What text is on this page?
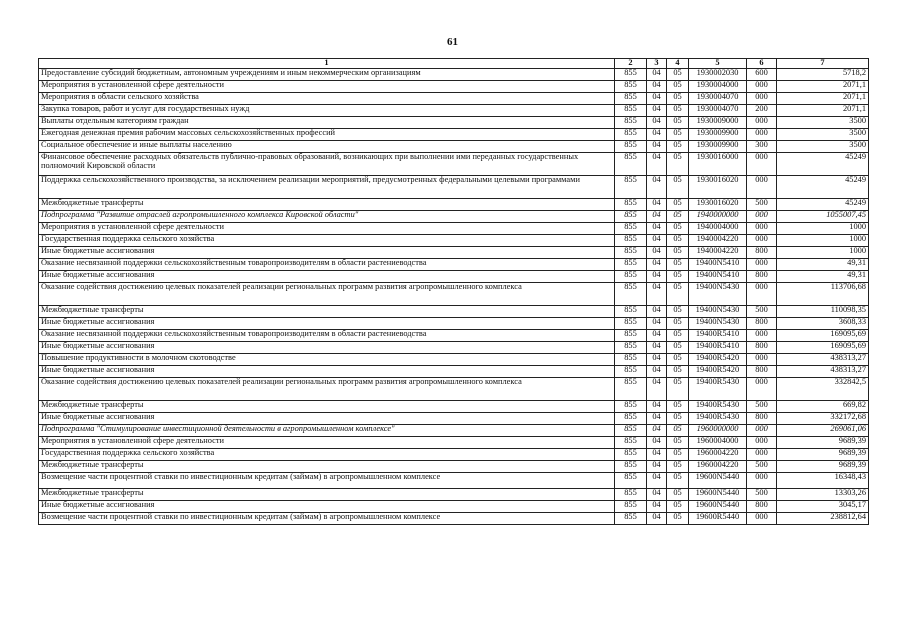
61
1	2	3	4	5	6	7
Предоставление субсидий бюджетным, автономным учреждениям и иным некоммерческим организациям	855	04	05	1930002030	600	5718,2
Мероприятия в установленной сфере деятельности	855	04	05	1930004000	000	2071,1
Мероприятия в области сельского хозяйства	855	04	05	1930004070	000	2071,1
Закупка товаров, работ и услуг для государственных нужд	855	04	05	1930004070	200	2071,1
Выплаты отдельным категориям граждан	855	04	05	1930009000	000	3500
Ежегодная денежная премия рабочим массовых сельскохозяйственных профессий	855	04	05	1930009900	000	3500
Социальное обеспечение и иные выплаты населению	855	04	05	1930009900	300	3500
Финансовое обеспечение расходных обязательств публично-правовых образований, возникающих при выполнении ими переданных государственных полномочий Кировской области	855	04	05	1930016000	000	45249
Поддержка сельскохозяйственного производства, за исключением реализации мероприятий, предусмотренных федеральными целевыми программами	855	04	05	1930016020	000	45249
Межбюджетные трансферты	855	04	05	1930016020	500	45249
Подпрограмма "Развитие отраслей агропромышленного комплекса Кировской области"	855	04	05	1940000000	000	1055007,45
Мероприятия в установленной сфере деятельности	855	04	05	1940004000	000	1000
Государственная поддержка сельского хозяйства	855	04	05	1940004220	000	1000
Иные бюджетные ассигнования	855	04	05	1940004220	800	1000
Оказание несвязанной поддержки сельскохозяйственным товаропроизводителям в области растениеводства	855	04	05	19400N5410	000	49,31
Иные бюджетные ассигнования	855	04	05	19400N5410	800	49,31
Оказание содействия достижению целевых показателей реализации региональных программ развития агропромышленного комплекса	855	04	05	19400N5430	000	113706,68
Межбюджетные трансферты	855	04	05	19400N5430	500	110098,35
Иные бюджетные ассигнования	855	04	05	19400N5430	800	3608,33
Оказание несвязанной поддержки сельскохозяйственным товаропроизводителям в области растениеводства	855	04	05	19400R5410	000	169095,69
Иные бюджетные ассигнования	855	04	05	19400R5410	800	169095,69
Повышение продуктивности в молочном скотоводстве	855	04	05	19400R5420	000	438313,27
Иные бюджетные ассигнования	855	04	05	19400R5420	800	438313,27
Оказание содействия достижению целевых показателей реализации региональных программ развития агропромышленного комплекса	855	04	05	19400R5430	000	332842,5
Межбюджетные трансферты	855	04	05	19400R5430	500	669,82
Иные бюджетные ассигнования	855	04	05	19400R5430	800	332172,68
Подпрограмма "Стимулирование инвестиционной деятельности в агропромышленном комплексе"	855	04	05	1960000000	000	269061,06
Мероприятия в установленной сфере деятельности	855	04	05	1960004000	000	9689,39
Государственная поддержка сельского хозяйства	855	04	05	1960004220	000	9689,39
Межбюджетные трансферты	855	04	05	1960004220	500	9689,39
Возмещение части процентной ставки по инвестиционным кредитам (займам) в агропромышленном комплексе	855	04	05	19600N5440	000	16348,43
Межбюджетные трансферты	855	04	05	19600N5440	500	13303,26
Иные бюджетные ассигнования	855	04	05	19600N5440	800	3045,17
Возмещение части процентной ставки по инвестиционным кредитам (займам) в агропромышленном комплексе	855	04	05	19600R5440	000	238812,64
